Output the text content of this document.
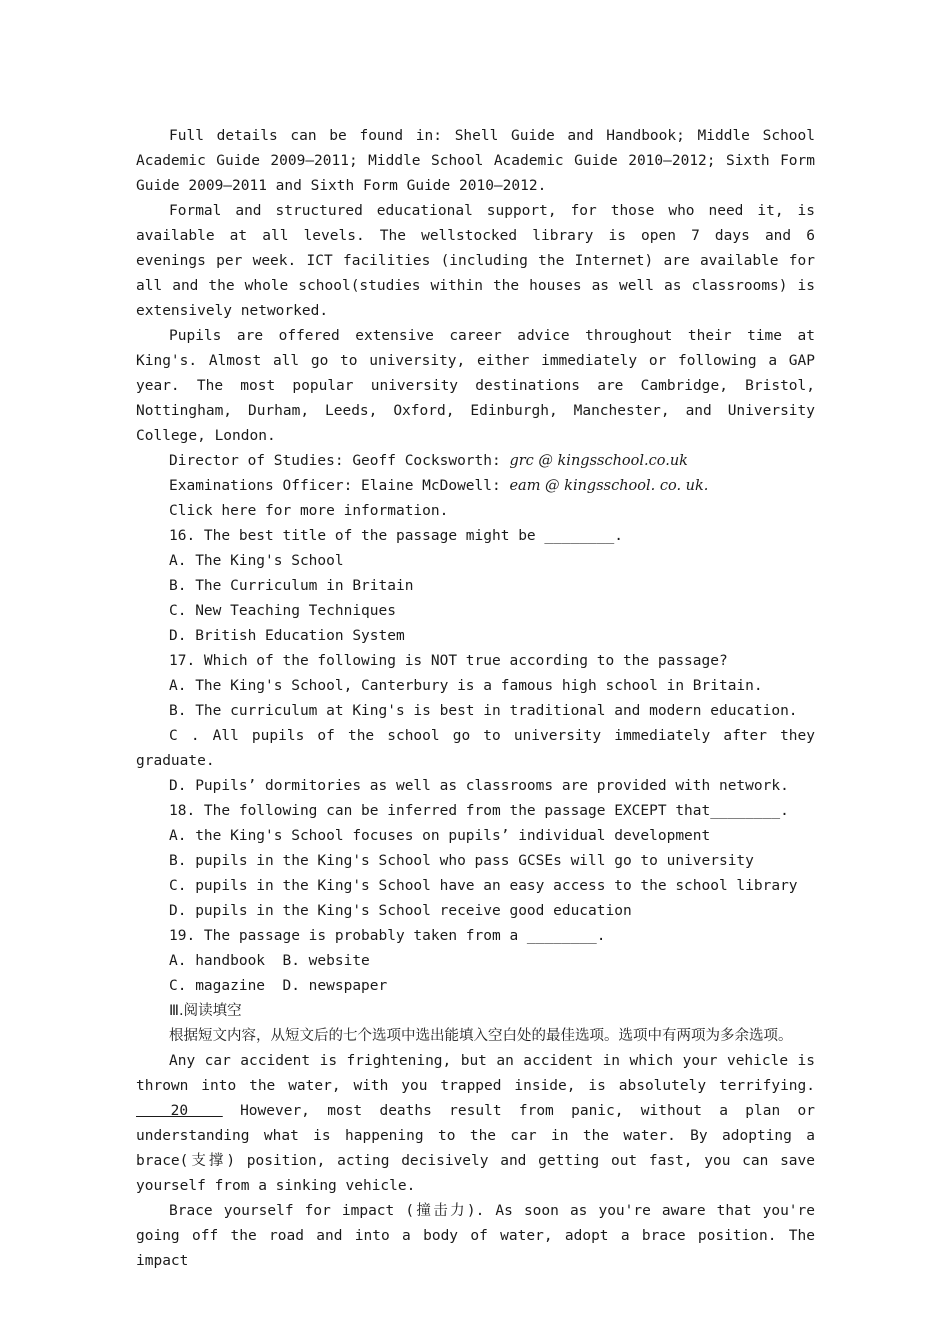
Full details can be found in: Shell Guide and Handbook; Middle School Academic Guide 2009—2011; Middle School Academic Guide 2010—2012; Sixth Form Guide 2009—2011 and Sixth Form Guide 2010—2012.

Formal and structured educational support, for those who need it, is available at all levels. The wellstocked library is open 7 days and 6 evenings per week. ICT facilities (including the Internet) are available for all and the whole school(studies within the houses as well as classrooms) is extensively networked.

Pupils are offered extensive career advice throughout their time at King's. Almost all go to university, either immediately or following a GAP year. The most popular university destinations are Cambridge, Bristol, Nottingham, Durham, Leeds, Oxford, Edinburgh, Manchester, and University College, London.

Director of Studies: Geoff Cocksworth: grc @ kingsschool.co.uk

Examinations Officer: Elaine McDowell: eam @ kingsschool. co. uk.

Click here for more information.

16. The best title of the passage might be ________.

A. The King's School

B. The Curriculum in Britain

C. New Teaching Techniques

D. British Education System

17. Which of the following is NOT true according to the passage?

A. The King's School, Canterbury is a famous high school in Britain.

B. The curriculum at King's is best in traditional and modern education.

C . All pupils of the school go to university immediately after they graduate.

D. Pupils’ dormitories as well as classrooms are provided with network.

18. The following can be inferred from the passage EXCEPT that________.

A. the King's School focuses on pupils’ individual development

B. pupils in the King's School who pass GCSEs will go to university

C. pupils in the King's School have an easy access to the school library

D. pupils in the King's School receive good education

19. The passage is probably taken from a ________.

A. handbook  B. website

C. magazine  D. newspaper

Ⅲ.阅读填空

根据短文内容，从短文后的七个选项中选出能填入空白处的最佳选项。选项中有两项为多余选项。

Any car accident is frightening, but an accident in which your vehicle is thrown into the water, with you trapped inside, is absolutely terrifying.   20   However, most deaths result from panic, without a plan or understanding what is happening to the car in the water. By adopting a brace(支撑) position, acting decisively and getting out fast, you can save yourself from a sinking vehicle.

Brace yourself for impact (撞击力). As soon as you're aware that you're going off the road and into a body of water, adopt a brace position. The impact
